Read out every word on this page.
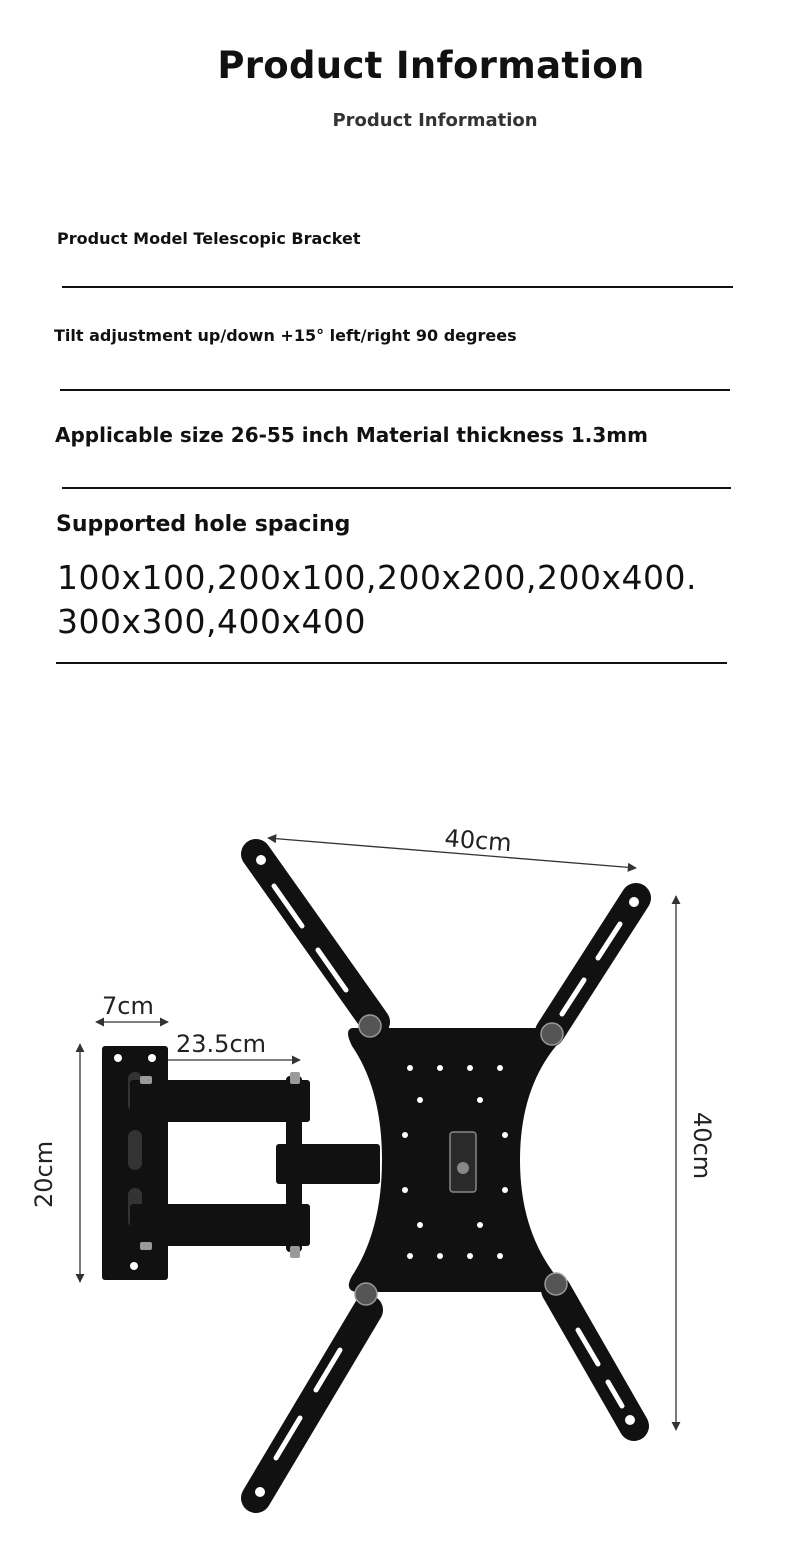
Product Information
Product Information
Product Model Telescopic Bracket
Tilt adjustment up/down +15° left/right 90 degrees
Applicable size 26-55 inch Material thickness 1.3mm
Supported hole spacing
100x100,200x100,200x200,200x400.
300x300,400x400
40cm
40cm
7cm
23.5cm
20cm
